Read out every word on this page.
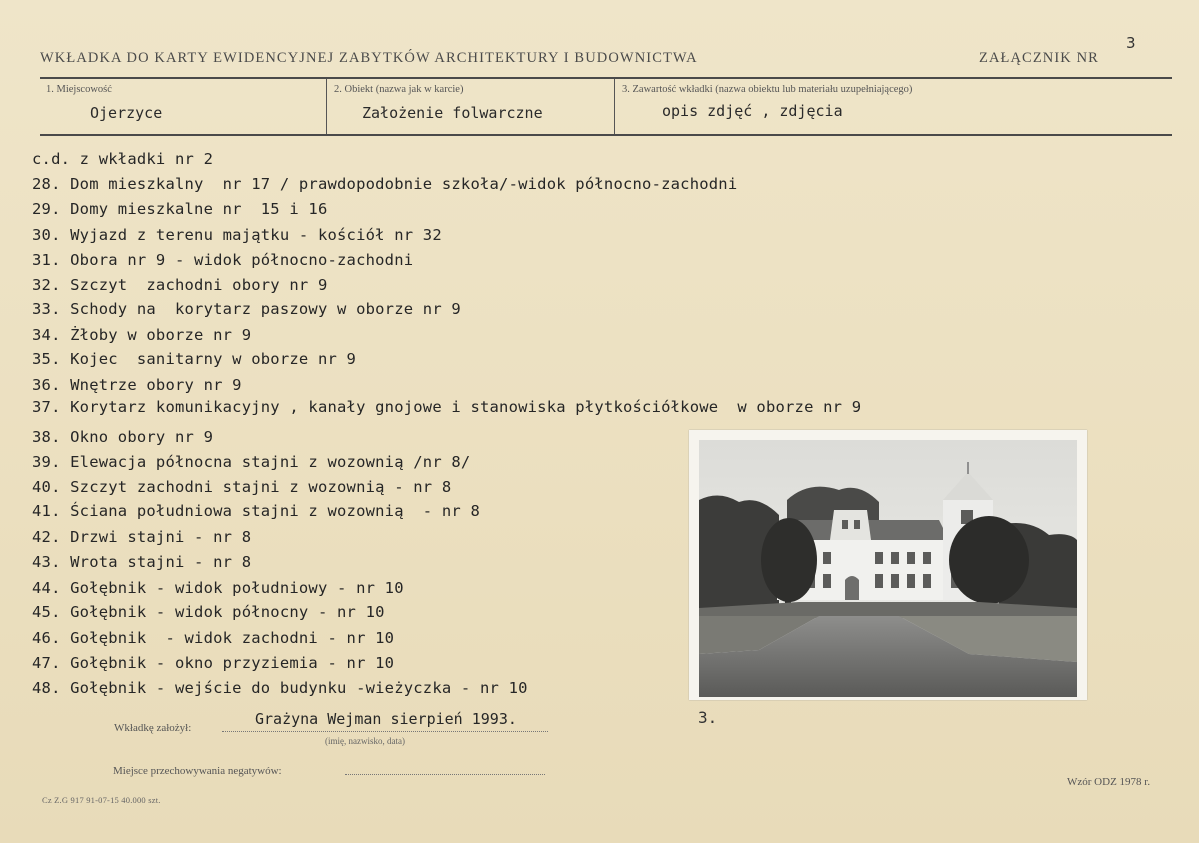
WKŁADKA DO KARTY EWIDENCYJNEJ ZABYTKÓW ARCHITEKTURY I BUDOWNICTWA	ZAŁĄCZNIK NR
3
1. Miejscowość
Ojerzyce
2. Obiekt (nazwa jak w karcie)
Założenie folwarczne
3. Zawartość wkładki (nazwa obiektu lub materiału uzupełniającego)
opis zdjęć , zdjęcia
c.d. z wkładki nr 2
28. Dom mieszkalny  nr 17 / prawdopodobnie szkoła/-widok północno-zachodni
29. Domy mieszkalne nr  15 i 16
30. Wyjazd z terenu majątku - kościół nr 32
31. Obora nr 9 - widok północno-zachodni
32. Szczyt  zachodni obory nr 9
33. Schody na  korytarz paszowy w oborze nr 9
34. Żłoby w oborze nr 9
35. Kojec  sanitarny w oborze nr 9
36. Wnętrze obory nr 9
37. Korytarz komunikacyjny , kanały gnojowe i stanowiska płytkościółkowe  w oborze nr 9
38. Okno obory nr 9
39. Elewacja północna stajni z wozownią /nr 8/
40. Szczyt zachodni stajni z wozownią - nr 8
41. Ściana południowa stajni z wozownią  - nr 8
42. Drzwi stajni - nr 8
43. Wrota stajni - nr 8
44. Gołębnik - widok południowy - nr 10
45. Gołębnik - widok północny - nr 10
46. Gołębnik  - widok zachodni - nr 10
47. Gołębnik - okno przyziemia - nr 10
48. Gołębnik - wejście do budynku -wieżyczka - nr 10
3.
Wkładkę założył:	Grażyna Wejman sierpień 1993.
(imię, nazwisko, data)
Miejsce przechowywania negatywów:
Wzór ODZ 1978 r.
Cz Z.G 917 91-07-15 40.000 szt.
